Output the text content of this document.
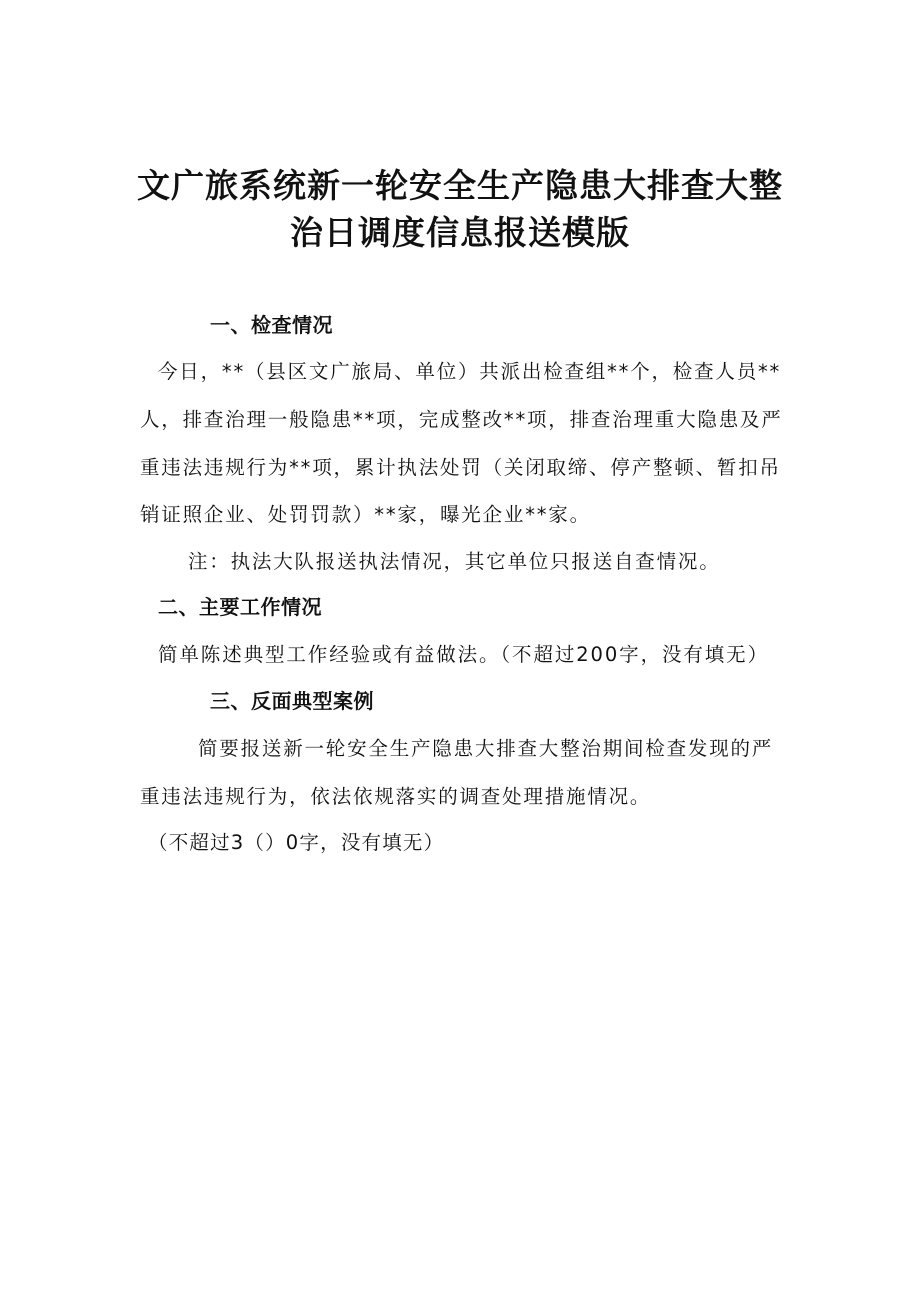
文广旅系统新一轮安全生产隐患大排查大整
治日调度信息报送模版
一、检查情况
今日，**（县区文广旅局、单位）共派出检查组**个，检查人员**
人，排查治理一般隐患**项，完成整改**项，排查治理重大隐患及严
重违法违规行为**项，累计执法处罚（关闭取缔、停产整顿、暂扣吊
销证照企业、处罚罚款）**家，曝光企业**家。
注：执法大队报送执法情况，其它单位只报送自查情况。
二、主要工作情况
简单陈述典型工作经验或有益做法。（不超过200字，没有填无）
三、反面典型案例
简要报送新一轮安全生产隐患大排查大整治期间检查发现的严
重违法违规行为，依法依规落实的调查处理措施情况。
（不超过3（）0字，没有填无）
